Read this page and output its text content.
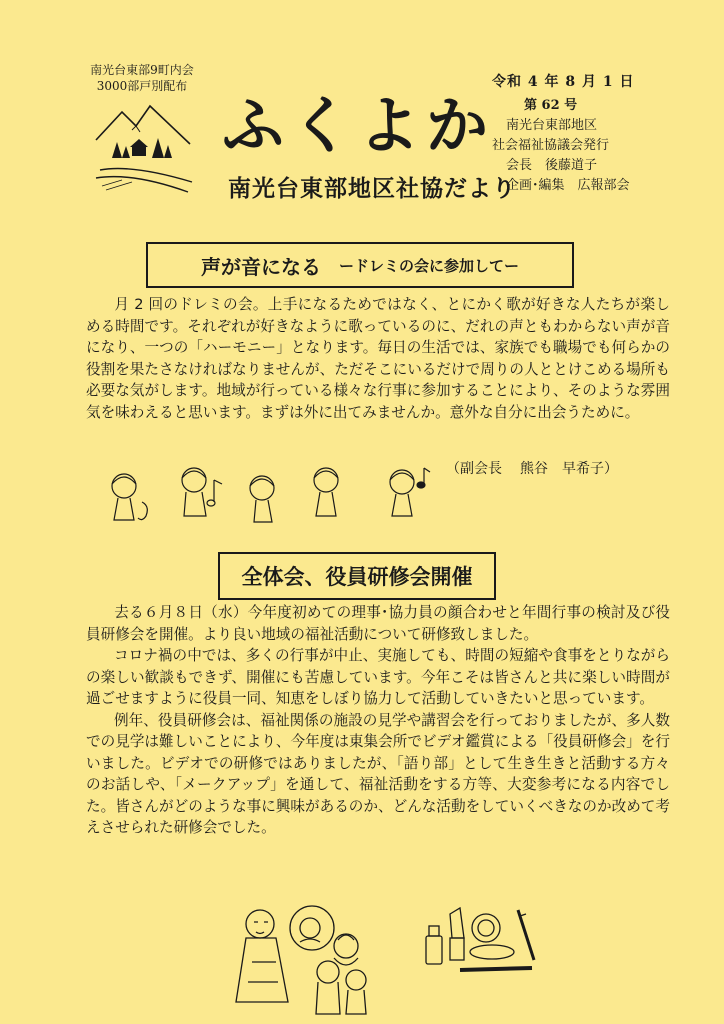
南光台東部9町内会
3000部戸別配布
ふくよか
南光台東部地区社協だより
令和 4 年 8 月 1 日
第 62 号
南光台東部地区
社会福祉協議会発行
会長　後藤道子
企画･編集　広報部会
声が音になる ードレミの会に参加してー
月 2 回のドレミの会。上手になるためではなく、とにかく歌が好きな人たちが楽しめる時間です。それぞれが好きなように歌っているのに、だれの声ともわからない声が音になり、一つの「ハーモニー」となります。毎日の生活では、家族でも職場でも何らかの役割を果たさなければなりませんが、ただそこにいるだけで周りの人ととけこめる場所も必要な気がします。地域が行っている様々な行事に参加することにより、そのような雰囲気を味わえると思います。まずは外に出てみませんか。意外な自分に出会うために。
（副会長 熊谷　早希子）
全体会、役員研修会開催

去る６月８日（水）今年度初めての理事･協力員の顔合わせと年間行事の検討及び役員研修会を開催。より良い地域の福祉活動について研修致しました。

コロナ禍の中では、多くの行事が中止、実施しても、時間の短縮や食事をとりながらの楽しい歓談もできず、開催にも苦慮しています。今年こそは皆さんと共に楽しい時間が過ごせますように役員一同、知恵をしぼり協力して活動していきたいと思っています。

例年、役員研修会は、福祉関係の施設の見学や講習会を行っておりましたが、多人数での見学は難しいことにより、今年度は東集会所でビデオ鑑賞による「役員研修会」を行いました。ビデオでの研修ではありましたが、「語り部」として生き生きと活動する方々のお話しや、「メークアップ」を通して、福祉活動をする方等、大変参考になる内容でした。皆さんがどのような事に興味があるのか、どんな活動をしていくべきなのか改めて考えさせられた研修会でした。
